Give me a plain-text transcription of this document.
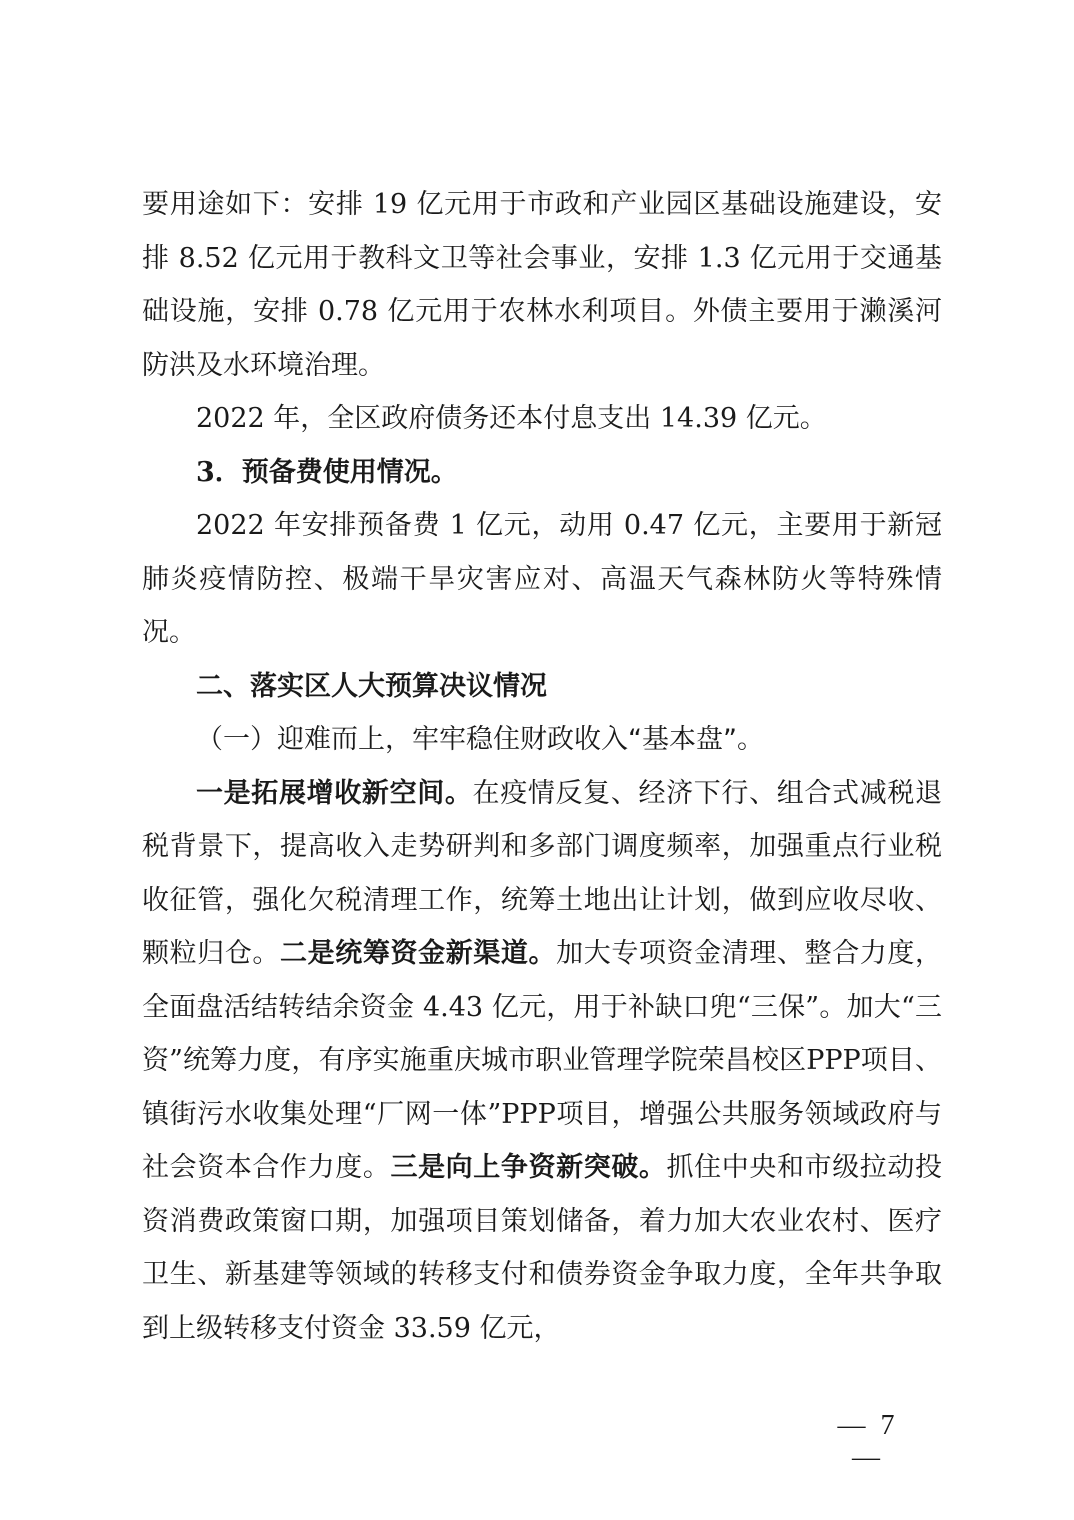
要用途如下：安排 19 亿元用于市政和产业园区基础设施建设，安排 8.52 亿元用于教科文卫等社会事业，安排 1.3 亿元用于交通基础设施，安排 0.78 亿元用于农林水利项目。外债主要用于濑溪河防洪及水环境治理。

2022 年，全区政府债务还本付息支出 14.39 亿元。

3．预备费使用情况。

2022 年安排预备费 1 亿元，动用 0.47 亿元，主要用于新冠肺炎疫情防控、极端干旱灾害应对、高温天气森林防火等特殊情况。

二、落实区人大预算决议情况

（一）迎难而上，牢牢稳住财政收入“基本盘”。

一是拓展增收新空间。在疫情反复、经济下行、组合式减税退税背景下，提高收入走势研判和多部门调度频率，加强重点行业税收征管，强化欠税清理工作，统筹土地出让计划，做到应收尽收、颗粒归仓。二是统筹资金新渠道。加大专项资金清理、整合力度，全面盘活结转结余资金 4.43 亿元，用于补缺口兜“三保”。加大“三资”统筹力度，有序实施重庆城市职业管理学院荣昌校区PPP项目、镇街污水收集处理“厂网一体”PPP项目，增强公共服务领域政府与社会资本合作力度。三是向上争资新突破。抓住中央和市级拉动投资消费政策窗口期，加强项目策划储备，着力加大农业农村、医疗卫生、新基建等领域的转移支付和债券资金争取力度，全年共争取到上级转移支付资金 33.59 亿元，

— 7 —
